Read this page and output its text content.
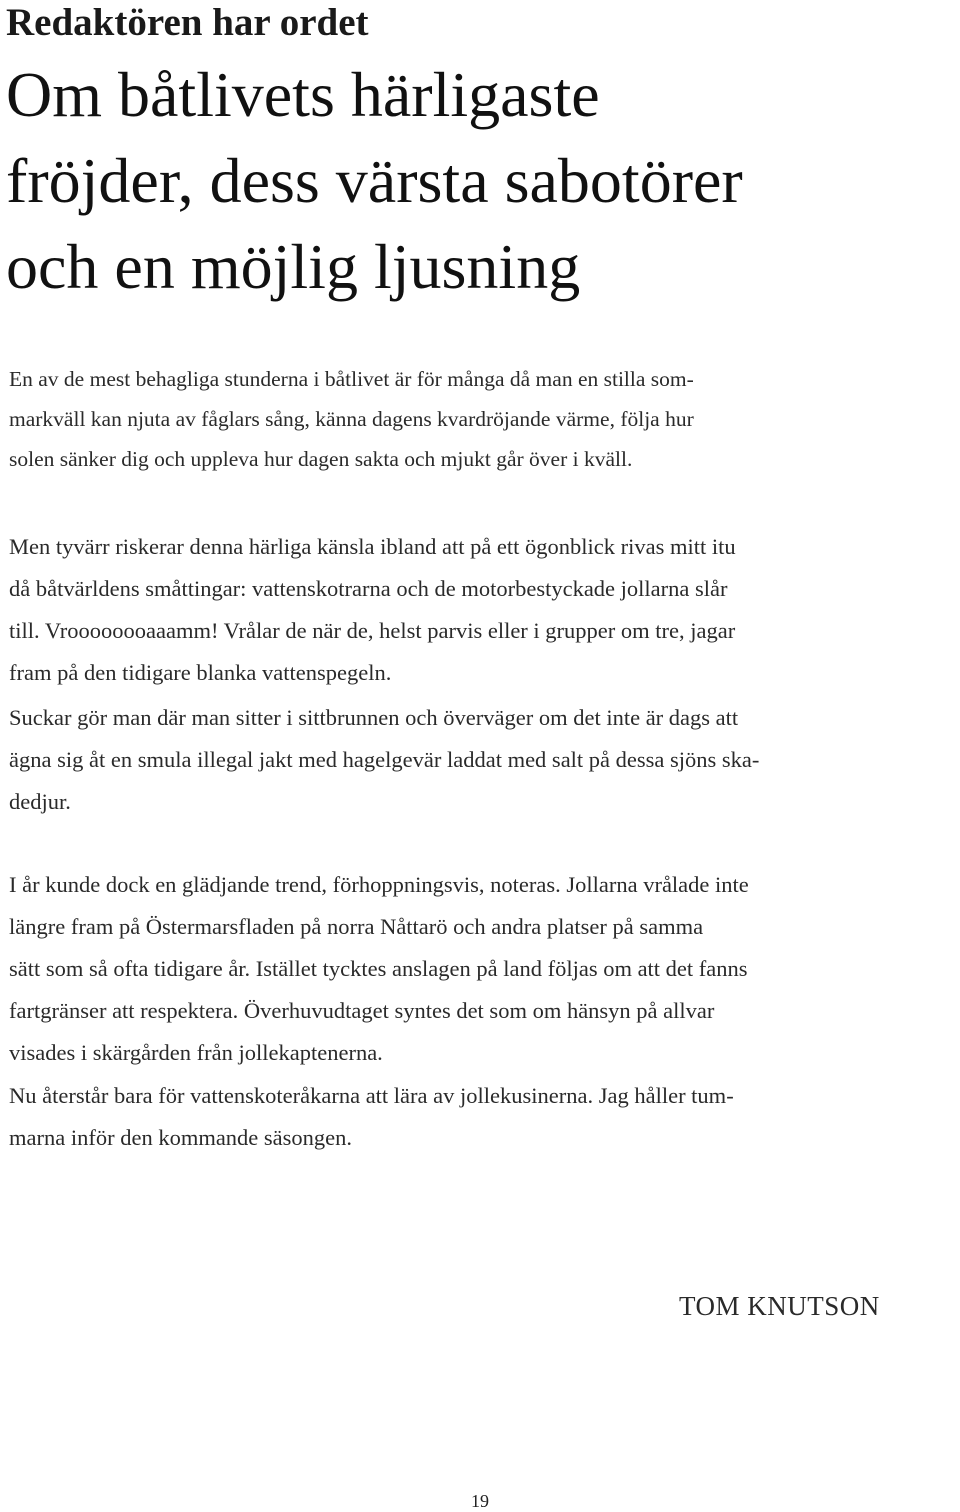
Redaktören har ordet
Om båtlivets härligaste
fröjder, dess värsta sabotörer
och en möjlig ljusning

En av de mest behagliga stunderna i båtlivet är för många då man en stilla som-
markväll kan njuta av fåglars sång, känna dagens kvardröjande värme, följa hur
solen sänker dig och uppleva hur dagen sakta och mjukt går över i kväll.

Men tyvärr riskerar denna härliga känsla ibland att på ett ögonblick rivas mitt itu
då båtvärldens småttingar: vattenskotrarna och de motorbestyckade jollarna slår
till. Vroooooooaaamm! Vrålar de när de, helst parvis eller i grupper om tre, jagar
fram på den tidigare blanka vattenspegeln.

Suckar gör man där man sitter i sittbrunnen och överväger om det inte är dags att
ägna sig åt en smula illegal jakt med hagelgevär laddat med salt på dessa sjöns ska-
dedjur.

I år kunde dock en glädjande trend, förhoppningsvis, noteras. Jollarna vrålade inte
längre fram på Östermarsfladen på norra Nåttarö och andra platser på samma
sätt som så ofta tidigare år. Istället tycktes anslagen på land följas om att det fanns
fartgränser att respektera. Överhuvudtaget syntes det som om hänsyn på allvar
visades i skärgården från jollekaptenerna.

Nu återstår bara för vattenskoteråkarna att lära av jollekusinerna. Jag håller tum-
marna inför den kommande säsongen.

TOM KNUTSON

19
